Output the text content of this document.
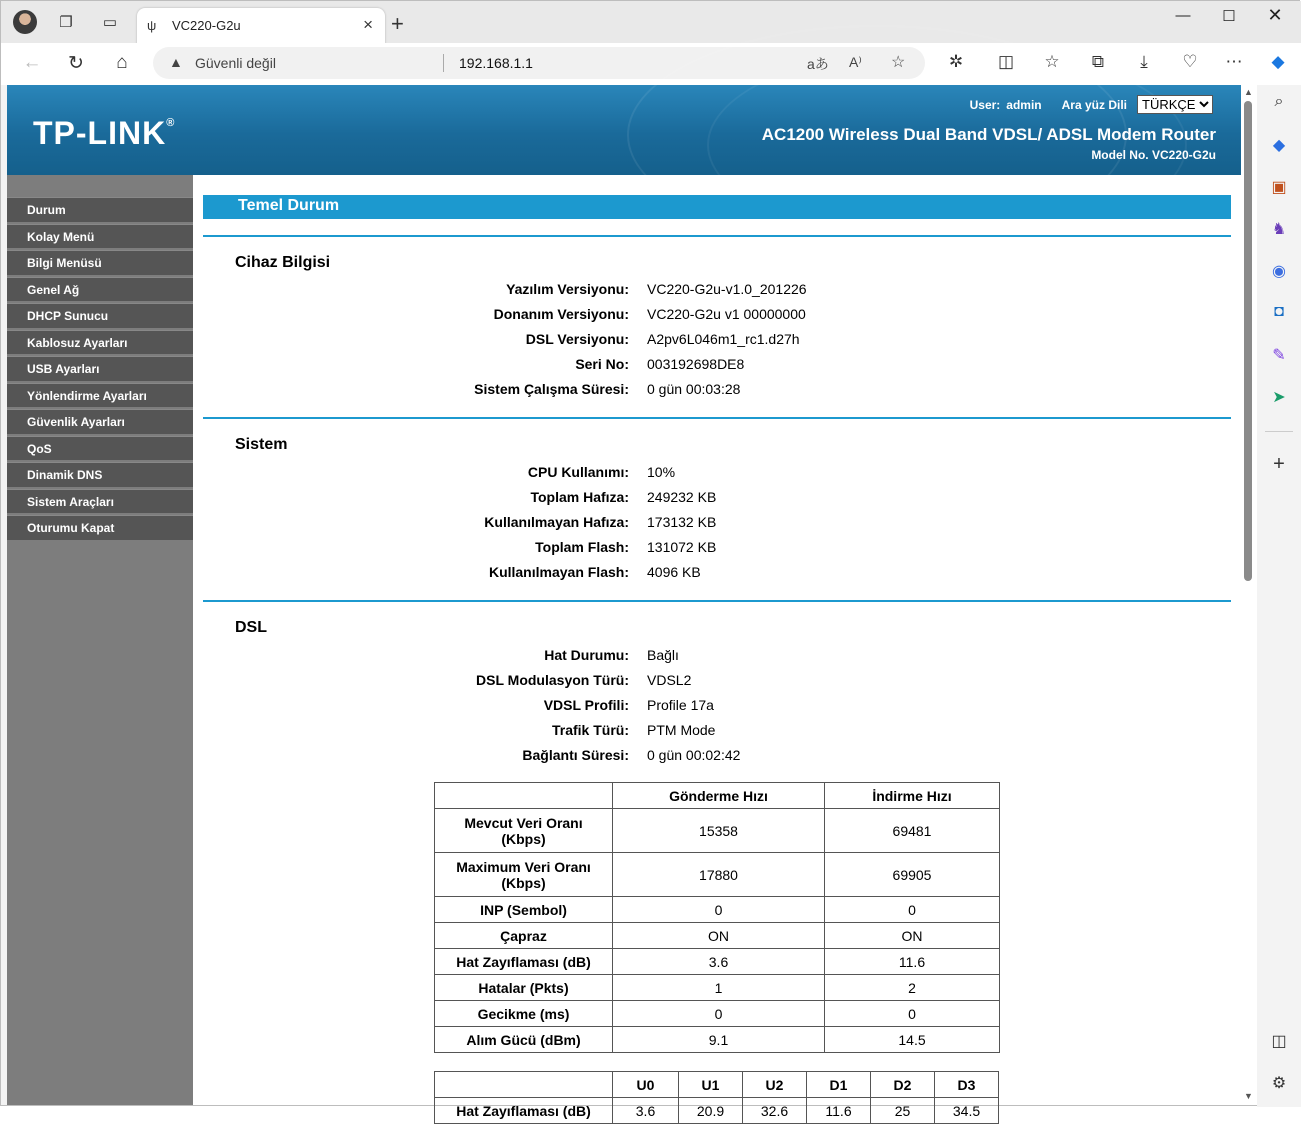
❐	▭	ψ VC220-G2u	× +	—	☐	✕
← ↻	⌂	▲ Güvenli değil	192.168.1.1	aあ A⁾ ☆	✲	◫	☆	⧉	⤓	♡	⋯	◆
⌕
◆
▣
♞
◉
◘
✎
➤
+
◫
⚙
TP-LINK®
User: admin Ara yüz Dili
TÜRKÇE
AC1200 Wireless Dual Band VDSL/ ADSL Modem Router
Model No. VC220-G2u
Durum
Kolay Menü
Bilgi Menüsü
Genel Ağ
DHCP Sunucu
Kablosuz Ayarları
USB Ayarları
Yönlendirme Ayarları
Güvenlik Ayarları
QoS
Dinamik DNS
Sistem Araçları
Oturumu Kapat
Temel Durum
Cihaz Bilgisi
Yazılım Versiyonu:	VC220-G2u-v1.0_201226
Donanım Versiyonu:	VC220-G2u v1 00000000
DSL Versiyonu:	A2pv6L046m1_rc1.d27h
Seri No:	003192698DE8
Sistem Çalışma Süresi:	0 gün 00:03:28
Sistem
CPU Kullanımı:	10%
Toplam Hafıza:	249232 KB
Kullanılmayan Hafıza:	173132 KB
Toplam Flash:	131072 KB
Kullanılmayan Flash:	4096 KB
DSL
Hat Durumu:	Bağlı
DSL Modulasyon Türü:	VDSL2
VDSL Profili:	Profile 17a
Trafik Türü:	PTM Mode
Bağlantı Süresi:	0 gün 00:02:42
	Gönderme Hızı	İndirme Hızı
Mevcut Veri Oranı (Kbps)	15358	69481
Maximum Veri Oranı (Kbps)	17880	69905
INP (Sembol)	0	0
Çapraz	ON	ON
Hat Zayıflaması (dB)	3.6	11.6
Hatalar (Pkts)	1	2
Gecikme (ms)	0	0
Alım Gücü (dBm)	9.1	14.5
	U0	U1	U2	D1	D2	D3
Hat Zayıflaması (dB)	3.6	20.9	32.6	11.6	25	34.5
▲
▼
